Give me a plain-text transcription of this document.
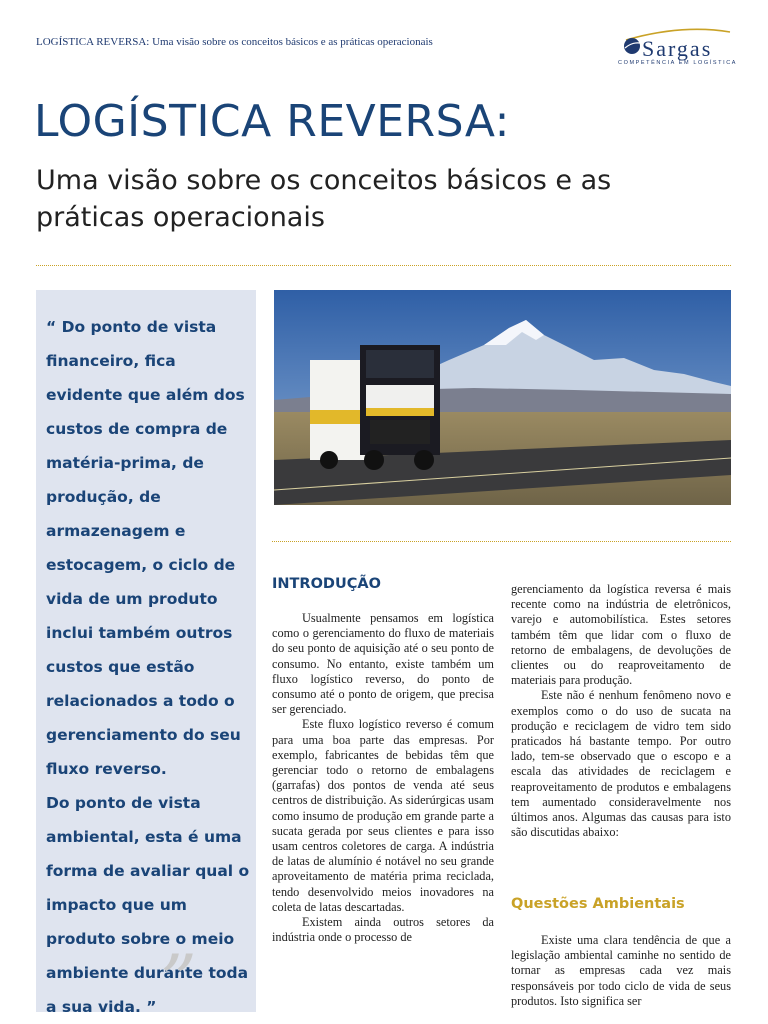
LOGÍSTICA REVERSA: Uma visão sobre os conceitos básicos e as práticas operacionais	Sargas
COMPETÊNCIA EM LOGÍSTICA
LOGÍSTICA REVERSA:
Uma visão sobre os conceitos básicos e as práticas operacionais

“ Do ponto de vista financeiro, fica evidente que além dos custos de compra de matéria-prima, de produção, de armazenagem e estocagem, o ciclo de vida de um produto inclui também outros custos que estão relacionados a todo o gerenciamento do seu fluxo reverso.
Do ponto de vista ambiental, esta é uma forma de avaliar qual o impacto que um produto sobre o meio ambiente durante toda a sua vida. ” ”
INTRODUÇÃO

Usualmente pensamos em logística como o gerenciamento do fluxo de materiais do seu ponto de aquisição até o seu ponto de consumo. No entanto, existe também um fluxo logístico reverso, do ponto de consumo até o ponto de origem, que precisa ser gerenciado.

Este fluxo logístico reverso é comum para uma boa parte das empresas. Por exemplo, fabricantes de bebidas têm que gerenciar todo o retorno de embalagens (garrafas) dos pontos de venda até seus centros de distribuição. As siderúrgicas usam como insumo de produção em grande parte a sucata gerada por seus clientes e para isso usam centros coletores de carga. A indústria de latas de alumínio é notável no seu grande aproveitamento de matéria prima reciclada, tendo desenvolvido meios inovadores na coleta de latas descartadas.

Existem ainda outros setores da indústria onde o processo de

gerenciamento da logística reversa é mais recente como na indústria de eletrônicos, varejo e automobilística. Estes setores também têm que lidar com o fluxo de retorno de embalagens, de devoluções de clientes ou do reaproveitamento de materiais para produção.

Este não é nenhum fenômeno novo e exemplos como o do uso de sucata na produção e reciclagem de vidro tem sido praticados há bastante tempo. Por outro lado, tem-se observado que o escopo e a escala das atividades de reciclagem e reaproveitamento de produtos e embalagens tem aumentado consideravelmente nos últimos anos. Algumas das causas para isto são discutidas abaixo:

Questões Ambientais

Existe uma clara tendência de que a legislação ambiental caminhe no sentido de tornar as empresas cada vez mais responsáveis por todo ciclo de vida de seus produtos. Isto significa ser
